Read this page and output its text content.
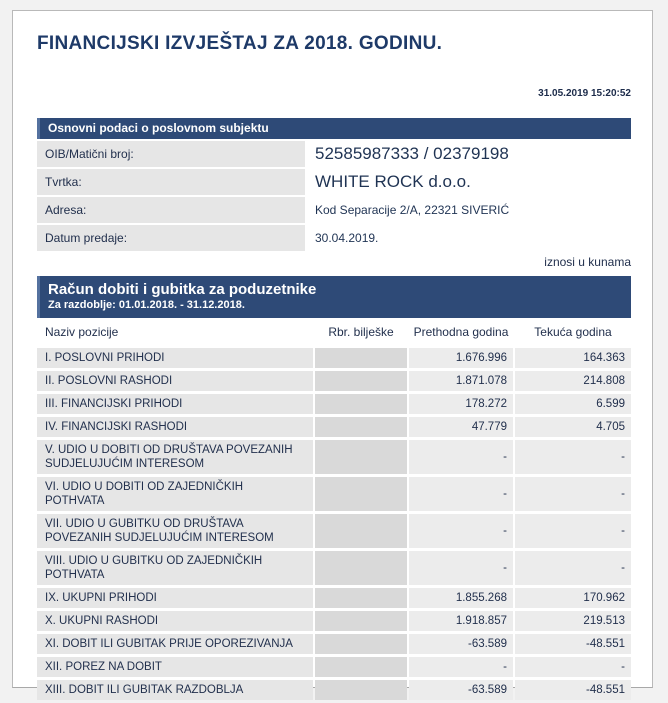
FINANCIJSKI IZVJEŠTAJ ZA 2018. GODINU.
31.05.2019 15:20:52
Osnovni podaci o poslovnom subjektu
OIB/Matični broj:	52585987333 / 02379198
Tvrtka:	WHITE ROCK d.o.o.
Adresa:	Kod Separacije 2/A, 22321 SIVERIĆ
Datum predaje:	30.04.2019.
iznosi u kunama
Račun dobiti i gubitka za poduzetnike
Za razdoblje: 01.01.2018. - 31.12.2018.
Naziv pozicije	Rbr. bilješke	Prethodna godina	Tekuća godina
I. POSLOVNI PRIHODI		1.676.996	164.363
II. POSLOVNI RASHODI		1.871.078	214.808
III. FINANCIJSKI PRIHODI		178.272	6.599
IV. FINANCIJSKI RASHODI		47.779	4.705
V. UDIO U DOBITI OD DRUŠTAVA POVEZANIH SUDJELUJUĆIM INTERESOM		-	-
VI. UDIO U DOBITI OD ZAJEDNIČKIH POTHVATA		-	-
VII. UDIO U GUBITKU OD DRUŠTAVA POVEZANIH SUDJELUJUĆIM INTERESOM		-	-
VIII. UDIO U GUBITKU OD ZAJEDNIČKIH POTHVATA		-	-
IX. UKUPNI PRIHODI		1.855.268	170.962
X. UKUPNI RASHODI		1.918.857	219.513
XI. DOBIT ILI GUBITAK PRIJE OPOREZIVANJA		-63.589	-48.551
XII. POREZ NA DOBIT		-	-
XIII. DOBIT ILI GUBITAK RAZDOBLJA		-63.589	-48.551
